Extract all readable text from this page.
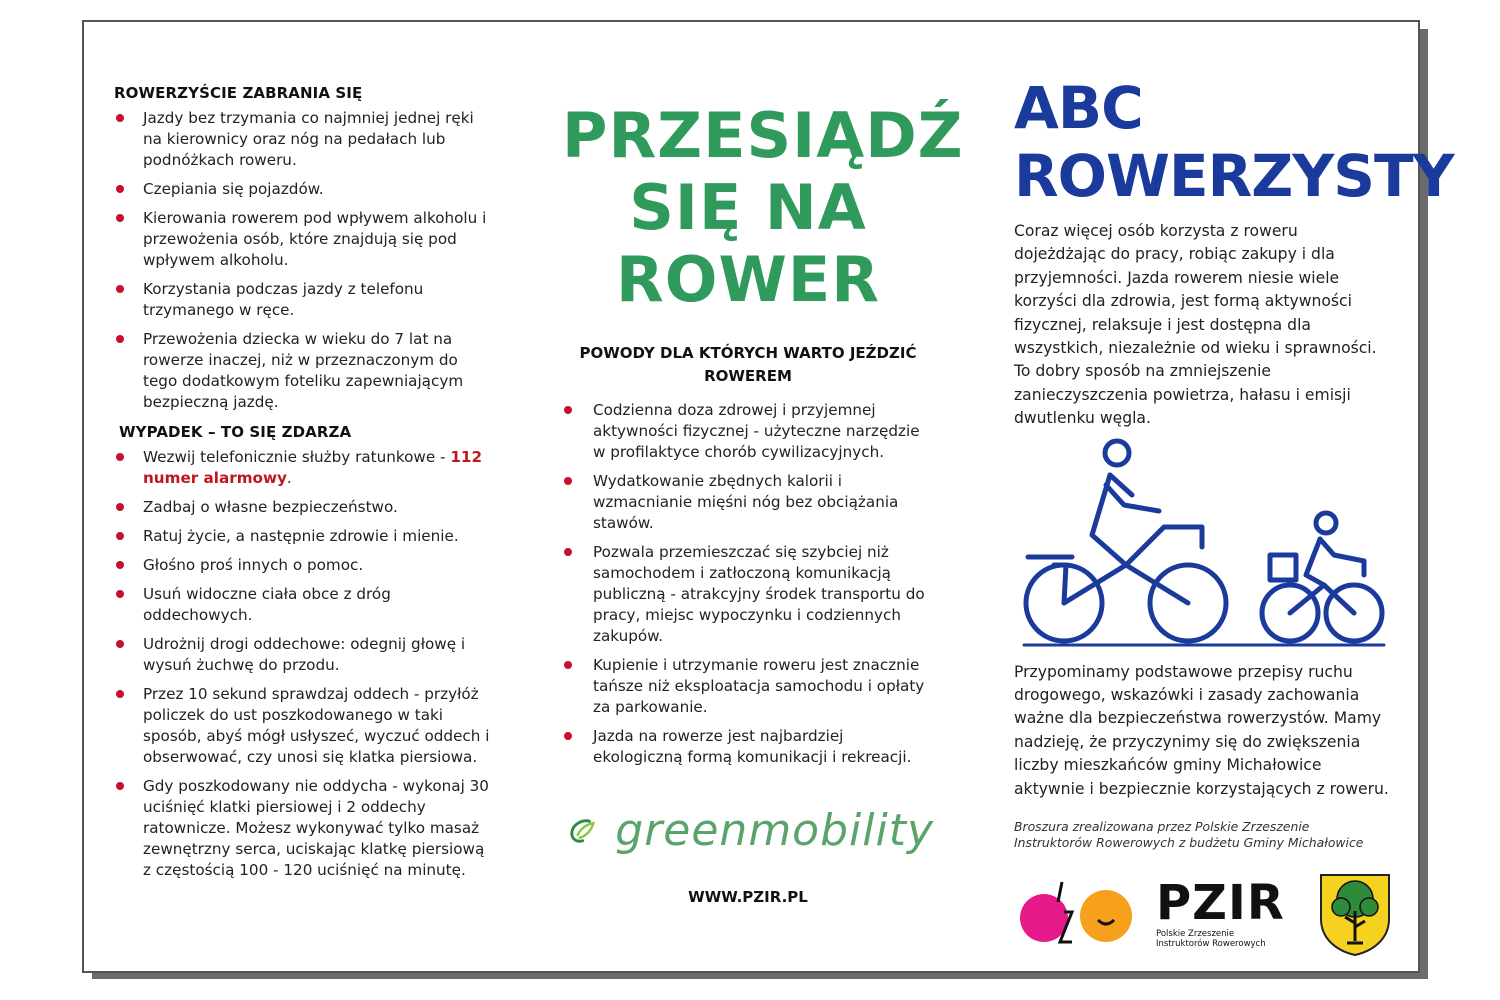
ROWERZYŚCIE ZABRANIA SIĘ
Jazdy bez trzymania co najmniej jednej ręki na kierownicy oraz nóg na pedałach lub podnóżkach roweru.
Czepiania się pojazdów.
Kierowania rowerem pod wpływem alkoholu i przewożenia osób, które znajdują się pod wpływem alkoholu.
Korzystania podczas jazdy z telefonu trzymanego w ręce.
Przewożenia dziecka w wieku do 7 lat na rowerze inaczej, niż w przeznaczonym do tego dodatkowym foteliku zapewniającym bezpieczną jazdę.
WYPADEK – TO SIĘ ZDARZA
Wezwij telefonicznie służby ratunkowe - 112 numer alarmowy.
Zadbaj o własne bezpieczeństwo.
Ratuj życie, a następnie zdrowie i mienie.
Głośno proś innych o pomoc.
Usuń widoczne ciała obce z dróg oddechowych.
Udrożnij drogi oddechowe: odegnij głowę i wysuń żuchwę do przodu.
Przez 10 sekund sprawdzaj oddech - przyłóż policzek do ust poszkodowanego w taki sposób, abyś mógł usłyszeć, wyczuć oddech i obserwować, czy unosi się klatka piersiowa.
Gdy poszkodowany nie oddycha - wykonaj 30 uciśnięć klatki piersiowej i 2 oddechy ratownicze. Możesz wykonywać tylko masaż zewnętrzny serca, uciskając klatkę piersiową z częstością 100 - 120 uciśnięć na minutę.
PRZESIĄDŹ
SIĘ NA
ROWER
POWODY DLA KTÓRYCH WARTO JEŹDZIĆ ROWEREM
Codzienna doza zdrowej i przyjemnej aktywności fizycznej - użyteczne narzędzie w profilaktyce chorób cywilizacyjnych.
Wydatkowanie zbędnych kalorii i wzmacnianie mięśni nóg bez obciążania stawów.
Pozwala przemieszczać się szybciej niż samochodem i zatłoczoną komunikacją publiczną - atrakcyjny środek transportu do pracy, miejsc wypoczynku i codziennych zakupów.
Kupienie i utrzymanie roweru jest znacznie tańsze niż eksploatacja samochodu i opłaty za parkowanie.
Jazda na rowerze jest najbardziej ekologiczną formą komunikacji i rekreacji.
greenmobility
WWW.PZIR.PL
ABC
ROWERZYSTY

Coraz więcej osób korzysta z roweru dojeżdżając do pracy, robiąc zakupy i dla przyjemności. Jazda rowerem niesie wiele korzyści dla zdrowia, jest formą aktywności fizycznej, relaksuje i jest dostępna dla wszystkich, niezależnie od wieku i sprawności. To dobry sposób na zmniejszenie zanieczyszczenia powietrza, hałasu i emisji dwutlenku węgla.

Przypominamy podstawowe przepisy ruchu drogowego, wskazówki i zasady zachowania ważne dla bezpieczeństwa rowerzystów. Mamy nadzieję, że przyczynimy się do zwiększenia liczby mieszkańców gminy Michałowice aktywnie i bezpiecznie korzystających z roweru.

Broszura zrealizowana przez Polskie Zrzeszenie
Instruktorów Rowerowych z budżetu Gminy Michałowice
PZIR
Polskie Zrzeszenie
Instruktorów Rowerowych
